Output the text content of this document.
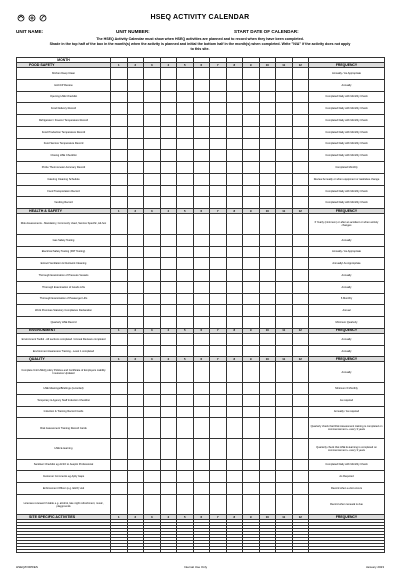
HSEQ ACTIVITY CALENDAR
UNIT NAME:	UNIT NUMBER:	START DATE OF CALENDAR:
The HSEQ Activity Calendar must show when HSEQ activities are planned and to record when they have been completed.
Shade in the top half of the box in the month(s) when the activity is planned and initial the bottom half in the month(s) when completed. Write "N/A" if the activity does not apply
to this site.
MONTH													
FOOD SAFETY	1	2	3	4	5	6	7	8	9	10	11	12	FREQUENCY
Kitchen Deep Clean													Annually / As Appropriate
HACCP Review													Annually
Opening HSE Checklist													Completed Daily with Monthly Check
Food Delivery Record													Completed Daily with Monthly Check
Refrigerator / Freezer Temperature Record													Completed Daily with Monthly Check
Food Production Temperature Record													Completed Daily with Monthly Check
Food Service Temperature Record													Completed Daily with Monthly Check
Closing HSE Checklist													Completed Daily with Monthly Check
Probe Thermometer Accuracy Record													Completed Monthly
Catering Cleaning Schedule													Review Annually or when equipment or task/sites change
Food Transportation Record													Completed Daily with Monthly Check
Vending Record													Completed Daily with Monthly Check
HEALTH & SAFETY	1	2	3	4	5	6	7	8	9	10	11	12	FREQUENCY
Risk Assessments - Mandatory, Commonly Used, Service Specific, Ad-hoc													If Yearly (minimum) or after an accident or when activity changes
Gas Safety Testing													Annually
Electrical Safety Testing (PAT Testing)													Annually / As Appropriate
Extract Ventilation & Ductwork Cleaning													Annually/ As Appropriate
Thorough Examination of Pressure Vessels													Annually
Thorough Examination of Goods Lifts													Annually
Thorough Examination of Passenger Lifts													6 Monthly
Work Premises Statutory Compliance Declaration													Annual
Quarterly HSE Record													Minimum Quarterly
ENVIRONMENT	1	2	3	4	5	6	7	8	9	10	11	12	FREQUENCY
Environment Toolkit - All sections completed / Annual Reviews completed													Annually
Environment Awareness Training - Level 1 completed													Annually
QUALITY	1	2	3	4	5	6	7	8	9	10	11	12	FREQUENCY
Complete Unit HSEQ policy Policies and Certificate of Employers Liability Insurance Updated													Annually
HSE Meetings/Briefings (recorded)													Minimum 6 Monthly
Temporary & Agency Staff Induction Checklist													As required
Induction & Training Record Cards													Annually / As required
Risk Assessment Training Record Cards													Quarterly check that Risk Assessment training is completed on commencement + every 3 years
HSE E-learning													Quarterly check that HSE E-learning is completed on commencement + every 3 years
Sanitiser Checklist eg ALSO to Aseptic Professional													Completed Daily with Monthly Check
Customer Comments eg Aptly Gaps													As Required
Enforcement Officer (e.g. EHO) visit													Record when a visit occurs
Licenses renewed if viable e.g. alcohol, late night refreshment, music, playgrounds													Record when renewal is due
SITE SPECIFIC ACTIVITIES	1	2	3	4	5	6	7	8	9	10	11	12	FREQUENCY

HSEQ/F/005/ES	Internal Use Only	January 2023
